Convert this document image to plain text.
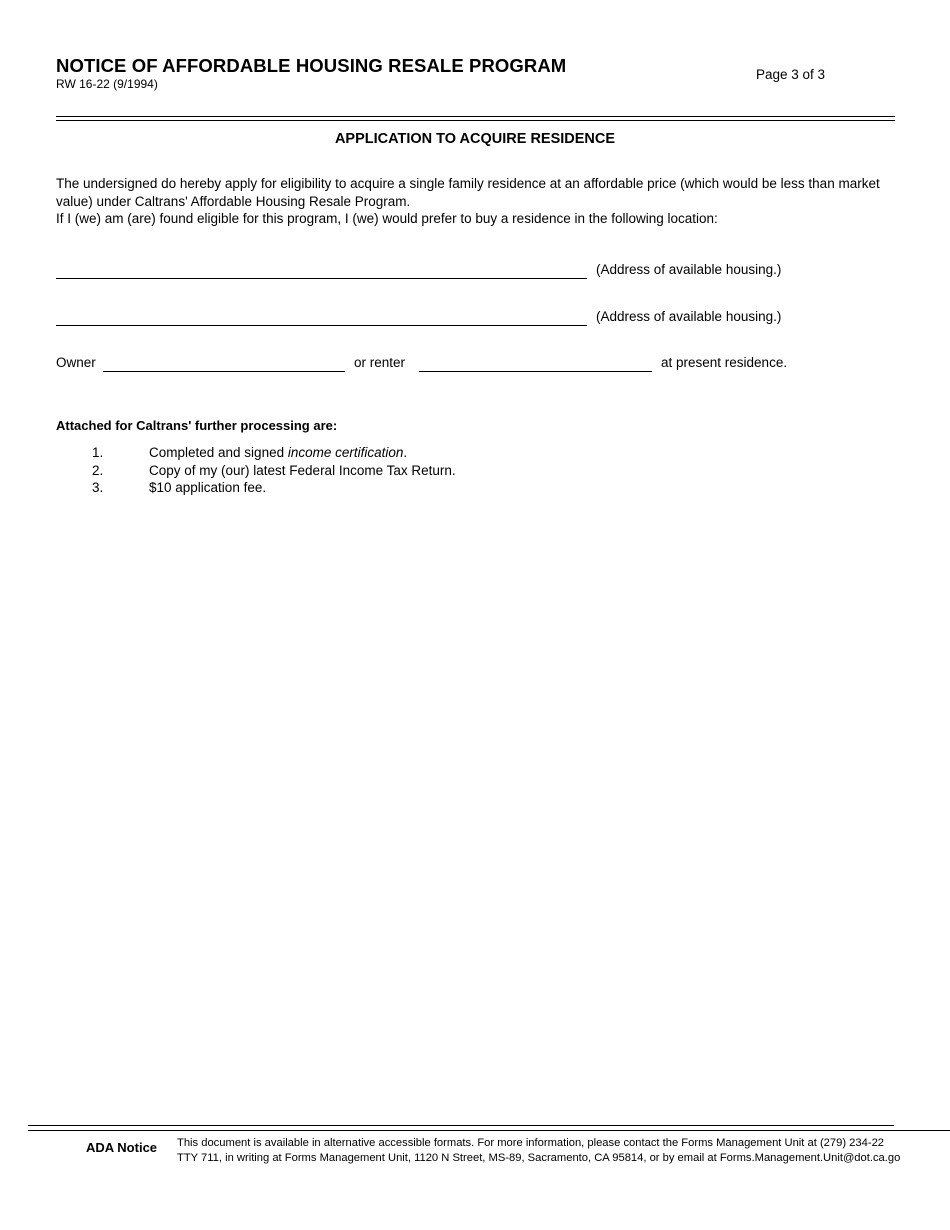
NOTICE OF AFFORDABLE HOUSING RESALE PROGRAM
RW 16-22 (9/1994)
Page 3 of 3
APPLICATION TO ACQUIRE RESIDENCE

The undersigned do hereby apply for eligibility to acquire a single family residence at an affordable price (which would be less than market value) under Caltrans' Affordable Housing Resale Program.

If I (we) am (are) found eligible for this program, I (we) would prefer to buy a residence in the following location:

(Address of available housing.)
(Address of available housing.)
Owner	or renter	at present residence.
Attached for Caltrans' further processing are:
1.	Completed and signed income certification.
2.	Copy of my (our) latest Federal Income Tax Return.
3.	$10 application fee.
ADA Notice This document is available in alternative accessible formats. For more information, please contact the Forms Management Unit at (279) 234-22
TTY 711, in writing at Forms Management Unit, 1120 N Street, MS-89, Sacramento, CA 95814, or by email at Forms.Management.Unit@dot.ca.go
